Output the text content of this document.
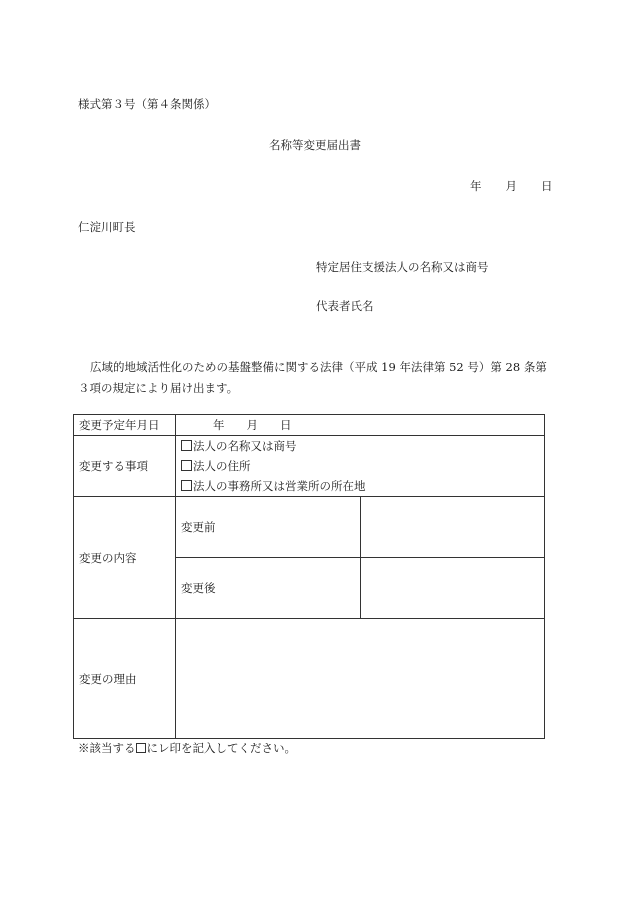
様式第３号（第４条関係）
名称等変更届出書
年 月 日
仁淀川町長
特定居住支援法人の名称又は商号
代表者氏名
広域的地域活性化のための基盤整備に関する法律（平成 19 年法律第 52 号）第 28 条第３項の規定により届け出ます。
変更予定年月日	年 月 日	
変更する事項	法人の名称又は商号
法人の住所
法人の事務所又は営業所の所在地	

変更の内容	変更前	
	変更後	
変更の理由		
※該当する にレ印を記入してください。
